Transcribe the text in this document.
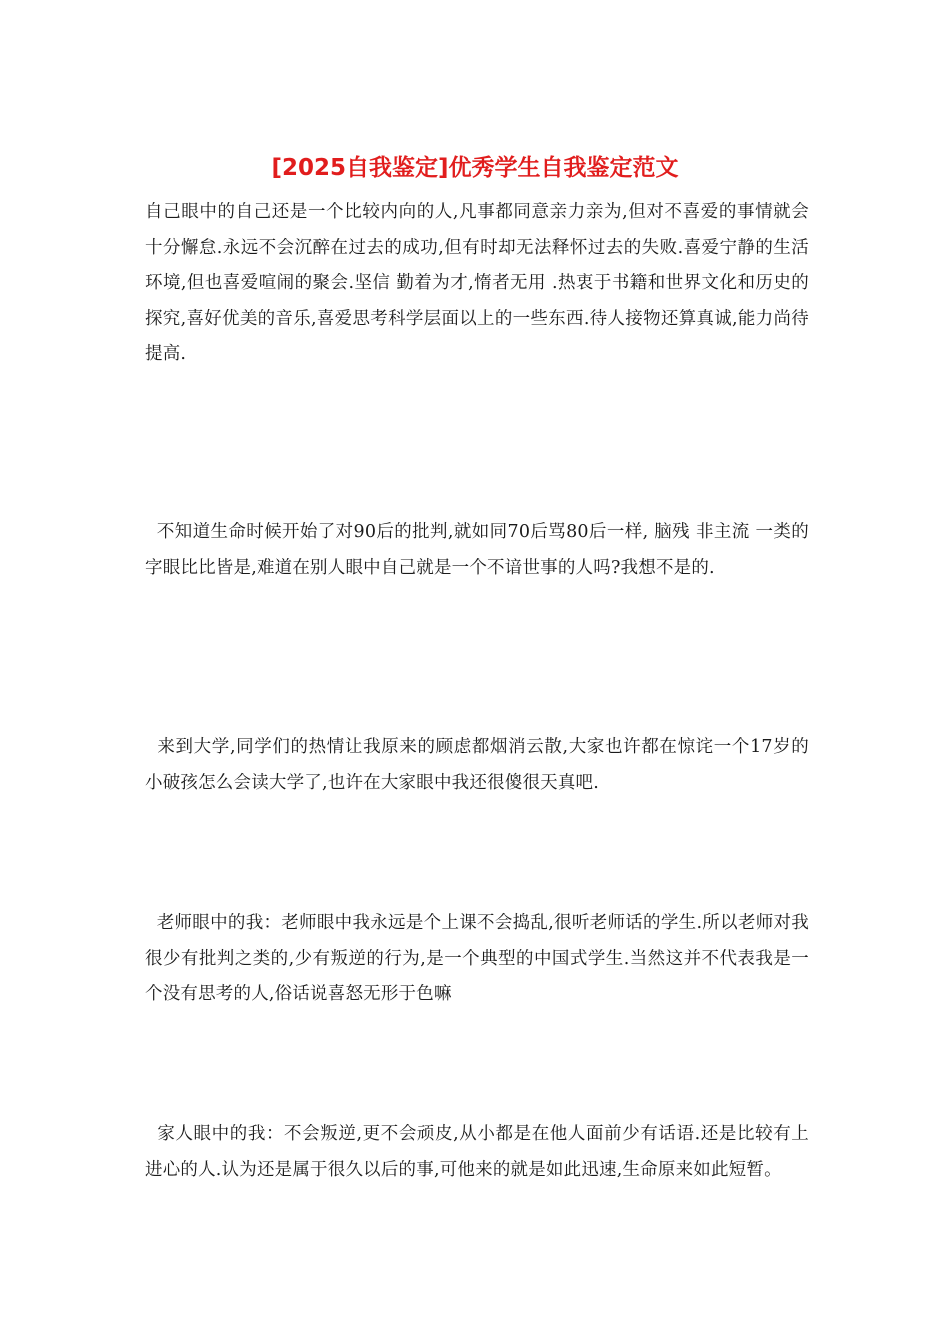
[2025自我鉴定]优秀学生自我鉴定范文

自己眼中的自己还是一个比较内向的人,凡事都同意亲力亲为,但对不喜爱的事情就会十分懈怠.永远不会沉醉在过去的成功,但有时却无法释怀过去的失败.喜爱宁静的生活环境,但也喜爱喧闹的聚会.坚信 勤着为才,惰者无用 .热衷于书籍和世界文化和历史的探究,喜好优美的音乐,喜爱思考科学层面以上的一些东西.待人接物还算真诚,能力尚待提高.

不知道生命时候开始了对90后的批判,就如同70后骂80后一样, 脑残 非主流 一类的字眼比比皆是,难道在别人眼中自己就是一个不谙世事的人吗?我想不是的.

来到大学,同学们的热情让我原来的顾虑都烟消云散,大家也许都在惊诧一个17岁的小破孩怎么会读大学了,也许在大家眼中我还很傻很天真吧.

老师眼中的我：老师眼中我永远是个上课不会捣乱,很听老师话的学生.所以老师对我很少有批判之类的,少有叛逆的行为,是一个典型的中国式学生.当然这并不代表我是一个没有思考的人,俗话说喜怒无形于色嘛

家人眼中的我：不会叛逆,更不会顽皮,从小都是在他人面前少有话语.还是比较有上进心的人.认为还是属于很久以后的事,可他来的就是如此迅速,生命原来如此短暂。
